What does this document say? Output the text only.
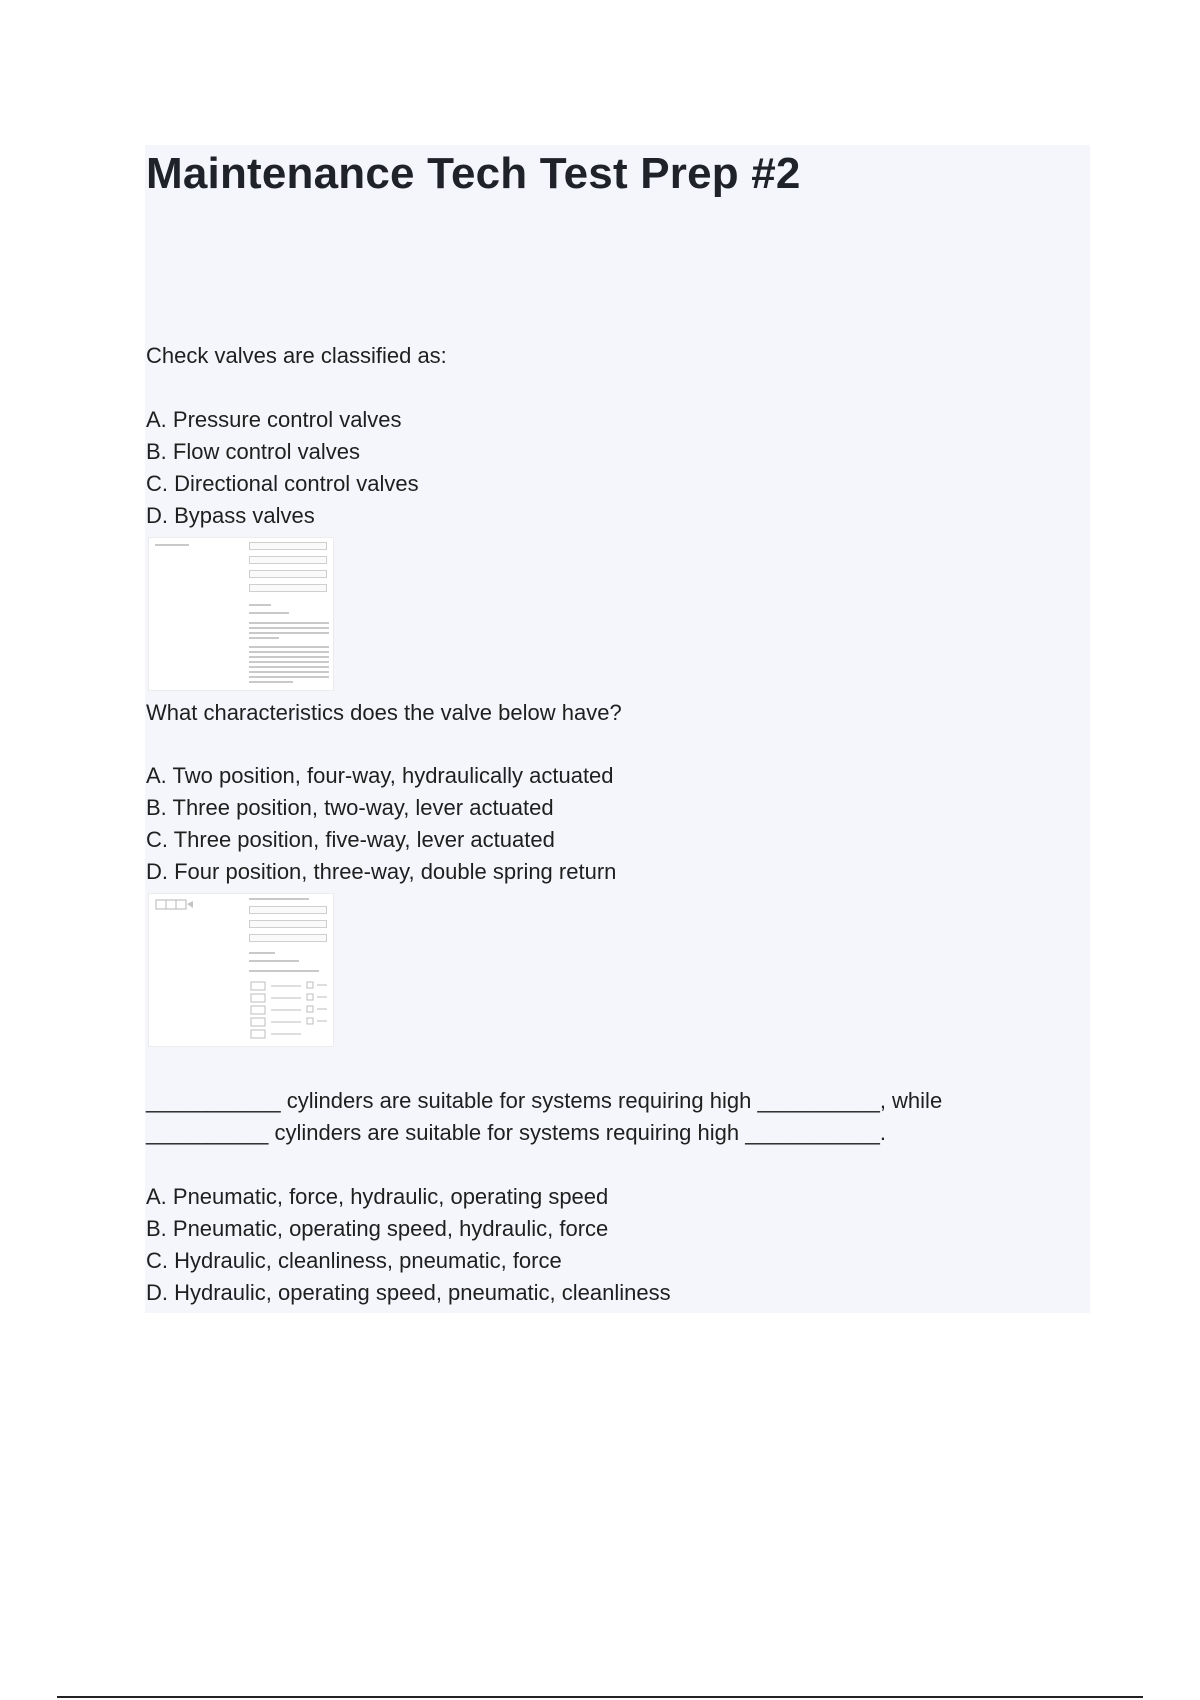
Maintenance Tech Test Prep #2
Check valves are classified as:
A. Pressure control valves
B. Flow control valves
C. Directional control valves
D. Bypass valves
What characteristics does the valve below have?
A. Two position, four-way, hydraulically actuated
B. Three position, two-way, lever actuated
C. Three position, five-way, lever actuated
D. Four position, three-way, double spring return
___________ cylinders are suitable for systems requiring high __________, while
__________ cylinders are suitable for systems requiring high ___________.
A. Pneumatic, force, hydraulic, operating speed
B. Pneumatic, operating speed, hydraulic, force
C. Hydraulic, cleanliness, pneumatic, force
D. Hydraulic, operating speed, pneumatic, cleanliness
